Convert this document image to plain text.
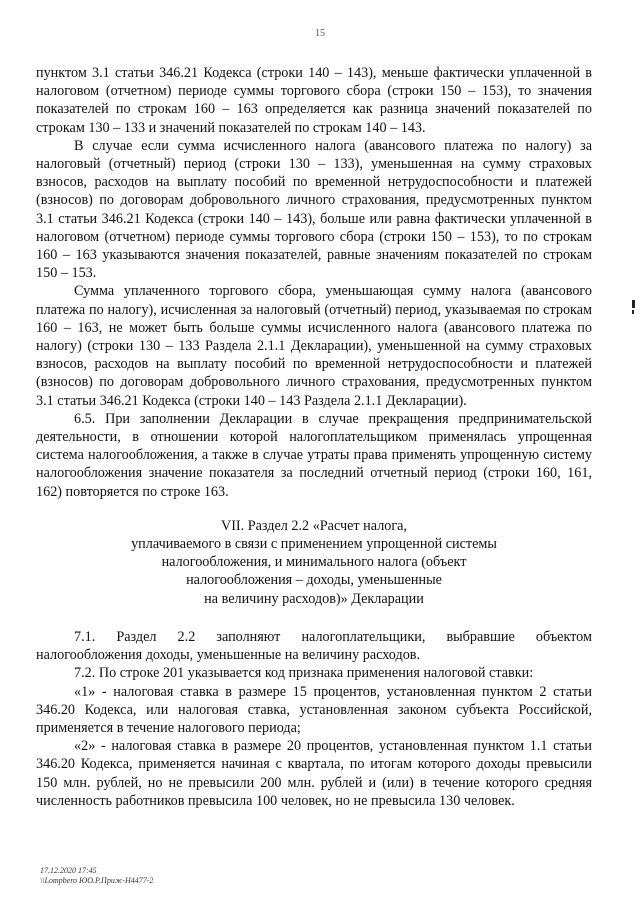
15

пунктом 3.1 статьи 346.21 Кодекса (строки 140 – 143), меньше фактически уплаченной в налоговом (отчетном) периоде суммы торгового сбора (строки 150 – 153), то значения показателей по строкам 160 – 163 определяется как разница значений показателей по строкам 130 – 133 и значений показателей по строкам 140 – 143.

В случае если сумма исчисленного налога (авансового платежа по налогу) за налоговый (отчетный) период (строки 130 – 133), уменьшенная на сумму страховых взносов, расходов на выплату пособий по временной нетрудоспособности и платежей (взносов) по договорам добровольного личного страхования, предусмотренных пунктом 3.1 статьи 346.21 Кодекса (строки 140 – 143), больше или равна фактически уплаченной в налоговом (отчетном) периоде суммы торгового сбора (строки 150 – 153), то по строкам 160 – 163 указываются значения показателей, равные значениям показателей по строкам 150 – 153.

Сумма уплаченного торгового сбора, уменьшающая сумму налога (авансового платежа по налогу), исчисленная за налоговый (отчетный) период, указываемая по строкам 160 – 163, не может быть больше суммы исчисленного налога (авансового платежа по налогу) (строки 130 – 133 Раздела 2.1.1 Декларации), уменьшенной на сумму страховых взносов, расходов на выплату пособий по временной нетрудоспособности и платежей (взносов) по договорам добровольного личного страхования, предусмотренных пунктом 3.1 статьи 346.21 Кодекса (строки 140 – 143 Раздела 2.1.1 Декларации).

6.5. При заполнении Декларации в случае прекращения предпринимательской деятельности, в отношении которой налогоплательщиком применялась упрощенная система налогообложения, а также в случае утраты права применять упрощенную систему налогообложения значение показателя за последний отчетный период (строки 160, 161, 162) повторяется по строке 163.

VII. Раздел 2.2 «Расчет налога,
уплачиваемого в связи с применением упрощенной системы
налогообложения, и минимального налога (объект
налогообложения – доходы, уменьшенные
на величину расходов)» Декларации

7.1. Раздел 2.2 заполняют налогоплательщики, выбравшие объектом налогообложения доходы, уменьшенные на величину расходов.

7.2. По строке 201 указывается код признака применения налоговой ставки:

«1» - налоговая ставка в размере 15 процентов, установленная пунктом 2 статьи 346.20 Кодекса, или налоговая ставка, установленная законом субъекта Российской, применяется в течение налогового периода;

«2» - налоговая ставка в размере 20 процентов, установленная пунктом 1.1 статьи 346.20 Кодекса, применяется начиная с квартала, по итогам которого доходы превысили 150 млн. рублей, но не превысили 200 млн. рублей и (или) в течение которого средняя численность работников превысила 100 человек, но не превысила 130 человек.

17.12.2020 17:45
\\Lompbero ЮО.Р.Приж-Н4477-2
